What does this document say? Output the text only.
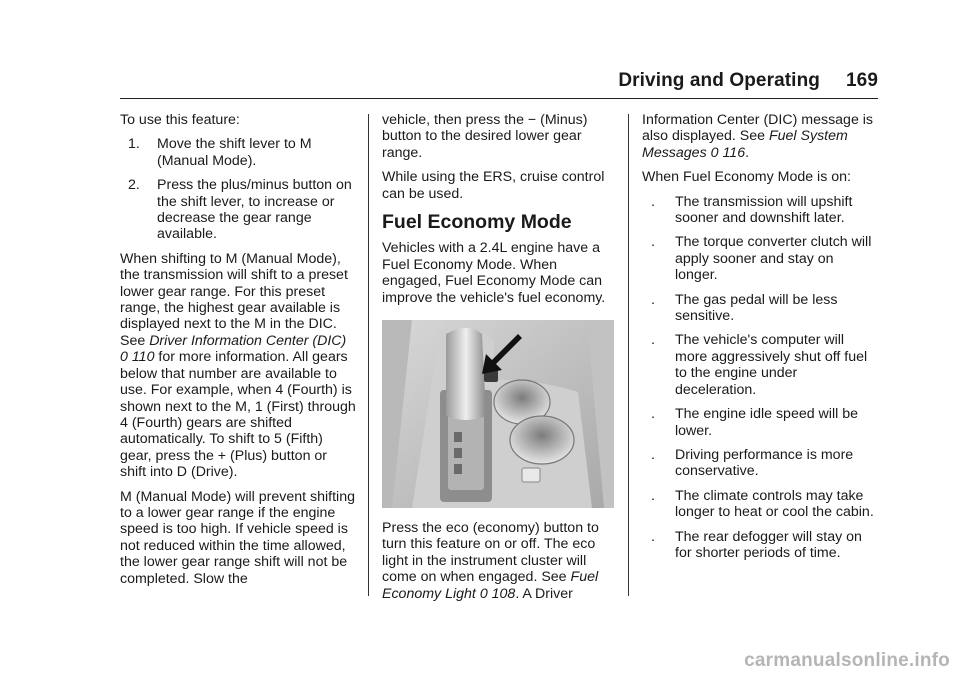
Driving and Operating 169

To use this feature:

1. Move the shift lever to M (Manual Mode).
2. Press the plus/minus button on the shift lever, to increase or decrease the gear range available.

When shifting to M (Manual Mode), the transmission will shift to a preset lower gear range. For this preset range, the highest gear available is displayed next to the M in the DIC. See Driver Information Center (DIC)
0 110 for more information. All gears below that number are available to use. For example, when 4 (Fourth) is shown next to the M, 1 (First) through 4 (Fourth) gears are shifted automatically. To shift to 5 (Fifth) gear, press the + (Plus) button or shift into D (Drive).

M (Manual Mode) will prevent shifting to a lower gear range if the engine speed is too high. If vehicle speed is not reduced within the time allowed, the lower gear range shift will not be completed. Slow the

vehicle, then press the − (Minus) button to the desired lower gear range.

While using the ERS, cruise control can be used.

Fuel Economy Mode

Vehicles with a 2.4L engine have a Fuel Economy Mode. When engaged, Fuel Economy Mode can improve the vehicle's fuel economy.

Press the eco (economy) button to turn this feature on or off. The eco light in the instrument cluster will come on when engaged. See Fuel Economy Light 0 108. A Driver

Information Center (DIC) message is also displayed. See Fuel System Messages 0 116.

When Fuel Economy Mode is on:

. The transmission will upshift sooner and downshift later.
. The torque converter clutch will apply sooner and stay on longer.
. The gas pedal will be less sensitive.
. The vehicle's computer will more aggressively shut off fuel to the engine under deceleration.
. The engine idle speed will be lower.
. Driving performance is more conservative.
. The climate controls may take longer to heat or cool the cabin.
. The rear defogger will stay on for shorter periods of time.
carmanualsonline.info
